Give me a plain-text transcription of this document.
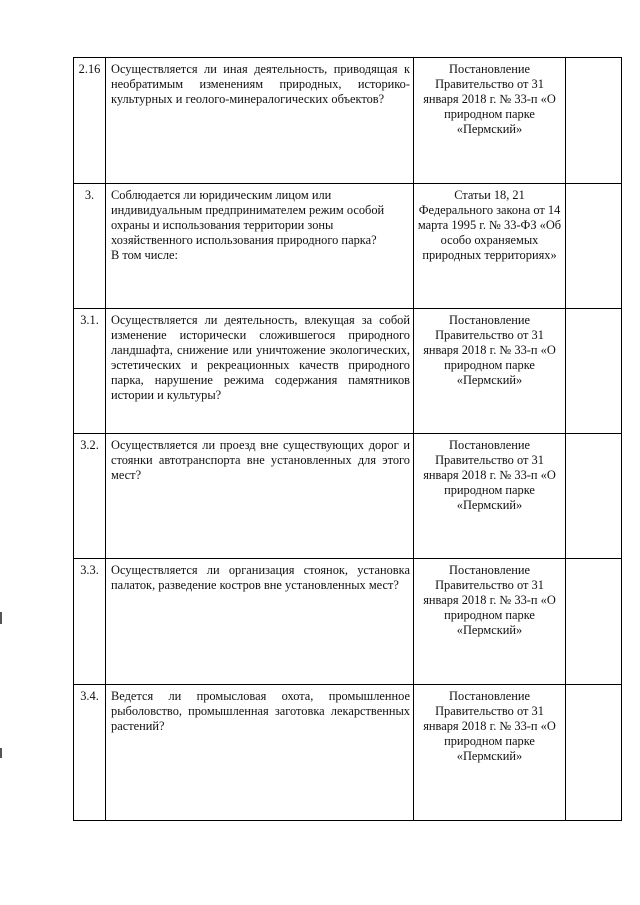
2.16	Осуществляется ли иная деятельность, приводящая к необратимым изменениям природных, историко-культурных и геолого-минералогических объектов?	Постановление Правительство от 31 января 2018 г. № 33-п «О природном парке «Пермский»	
3.	Соблюдается ли юридическим лицом или
индивидуальным предпринимателем режим особой
охраны и использования территории зоны
хозяйственного использования природного парка?
В том числе:	Статьи 18, 21 Федерального закона от 14 марта 1995 г. № 33-ФЗ «Об особо охраняемых природных территориях»	
3.1.	Осуществляется ли деятельность, влекущая за собой изменение исторически сложившегося природного ландшафта, снижение или уничтожение экологических, эстетических и рекреационных качеств природного парка, нарушение режима содержания памятников истории и культуры?	Постановление Правительство от 31 января 2018 г. № 33-п «О природном парке «Пермский»	
3.2.	Осуществляется ли проезд вне существующих дорог и стоянки автотранспорта вне установленных для этого мест?	Постановление Правительство от 31 января 2018 г. № 33-п «О природном парке «Пермский»	
3.3.	Осуществляется ли организация стоянок, установка палаток, разведение костров вне установленных мест?	Постановление Правительство от 31 января 2018 г. № 33-п «О природном парке «Пермский»	
3.4.	Ведется ли промысловая охота, промышленное рыболовство, промышленная заготовка лекарственных растений?	Постановление Правительство от 31 января 2018 г. № 33-п «О природном парке «Пермский»	
